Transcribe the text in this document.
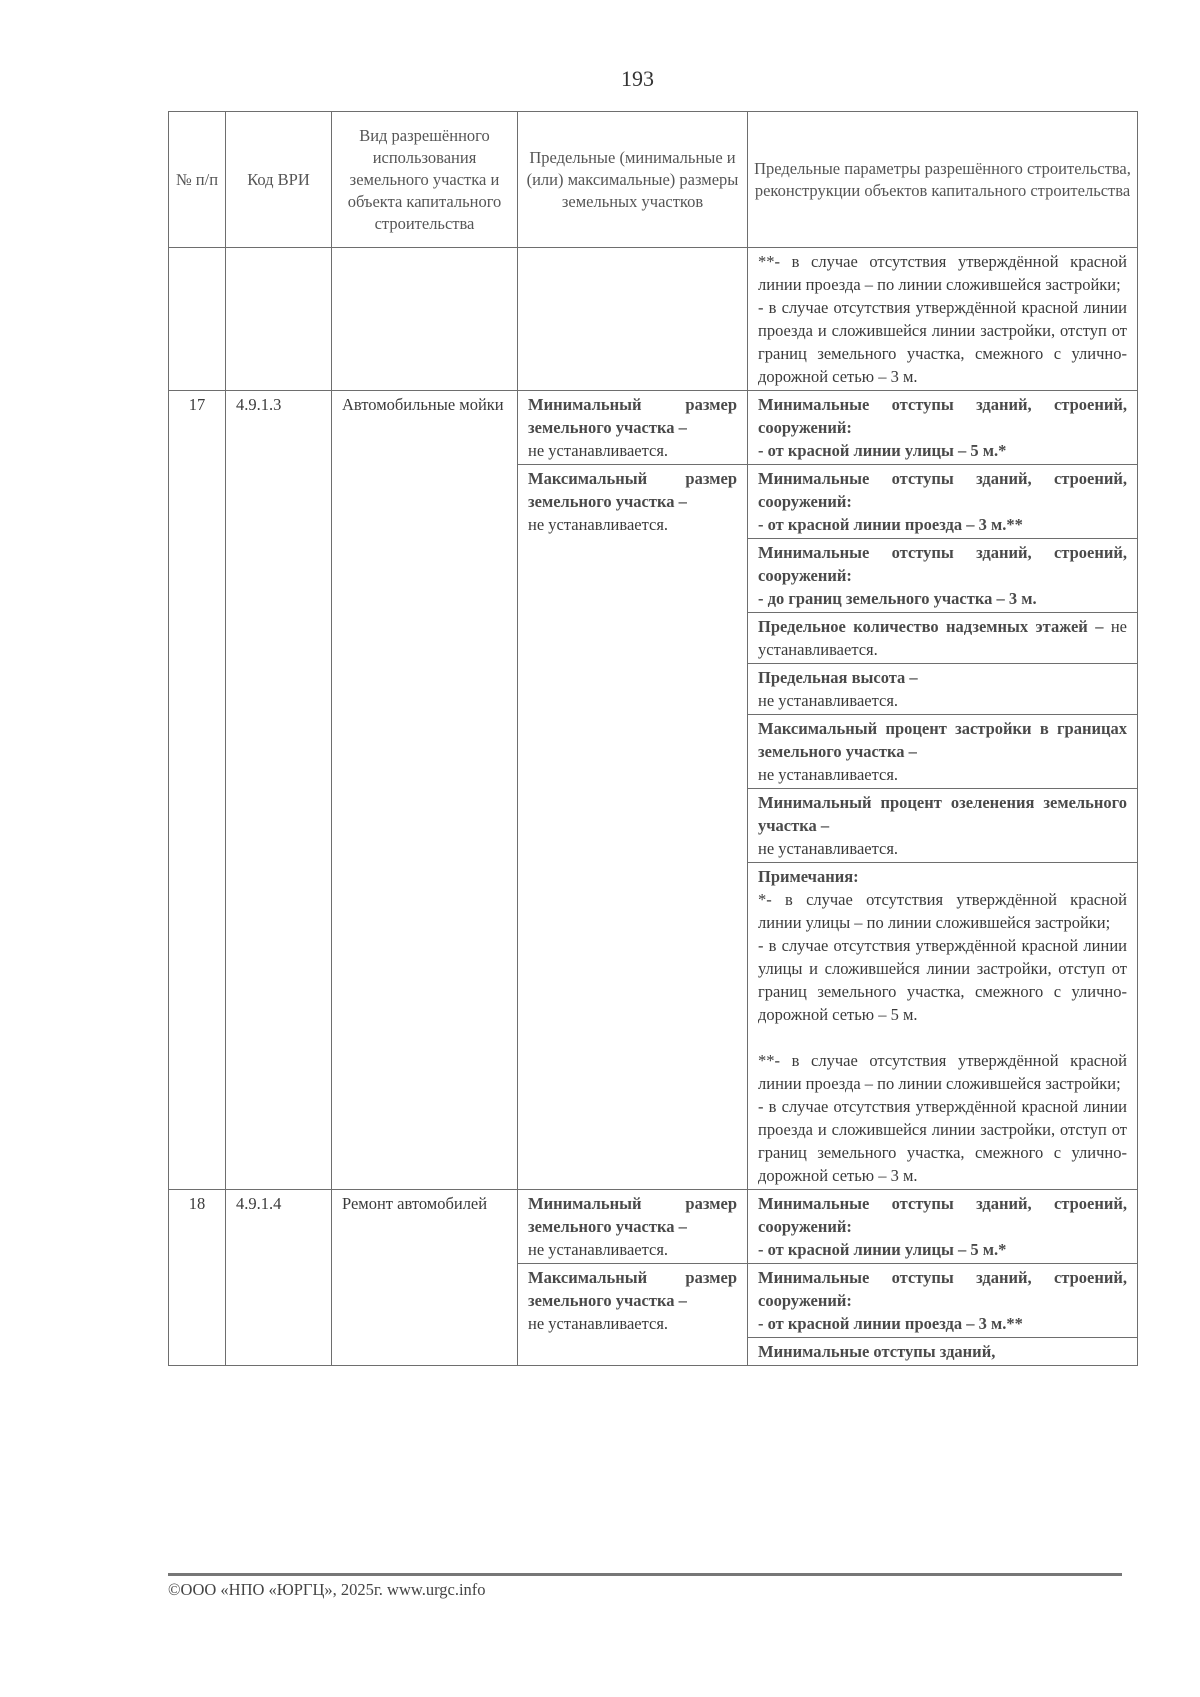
193
№ п/п	Код ВРИ	Вид разрешённого использования земельного участка и объекта капитального строительства	Предельные (минимальные и (или) максимальные) размеры земельных участков	Предельные параметры разрешённого строительства, реконструкции объектов капитального строительства

				**- в случае отсутствия утверждённой красной линии проезда – по линии сложившейся застройки;

- в случае отсутствия утверждённой красной линии проезда и сложившейся линии застройки, отступ от границ земельного участка, смежного с улично-дорожной сетью – 3 м.

17	4.9.1.3	Автомобильные мойки	Минимальный размер земельного участка –
не устанавливается.	Минимальные отступы зданий, строений, сооружений:
- от красной линии улицы – 5 м.*
			Максимальный размер земельного участка –
не устанавливается.	Минимальные отступы зданий, строений, сооружений:
- от красной линии проезда – 3 м.**
				Минимальные отступы зданий, строений, сооружений:
- до границ земельного участка – 3 м.
				Предельное количество надземных этажей – не устанавливается.
				Предельная высота –
не устанавливается.
				Максимальный процент застройки в границах земельного участка –
не устанавливается.
				Минимальный процент озеленения земельного участка –
не устанавливается.
				Примечания:

*- в случае отсутствия утверждённой красной линии улицы – по линии сложившейся застройки;

- в случае отсутствия утверждённой красной линии улицы и сложившейся линии застройки, отступ от границ земельного участка, смежного с улично-дорожной сетью – 5 м.

**- в случае отсутствия утверждённой красной линии проезда – по линии сложившейся застройки;

- в случае отсутствия утверждённой красной линии проезда и сложившейся линии застройки, отступ от границ земельного участка, смежного с улично-дорожной сетью – 3 м.

18	4.9.1.4	Ремонт автомобилей	Минимальный размер земельного участка –
не устанавливается.	Минимальные отступы зданий, строений, сооружений:
- от красной линии улицы – 5 м.*
			Максимальный размер земельного участка –
не устанавливается.	Минимальные отступы зданий, строений, сооружений:
- от красной линии проезда – 3 м.**
				Минимальные отступы зданий,
©ООО «НПО «ЮРГЦ», 2025г. www.urgc.info
